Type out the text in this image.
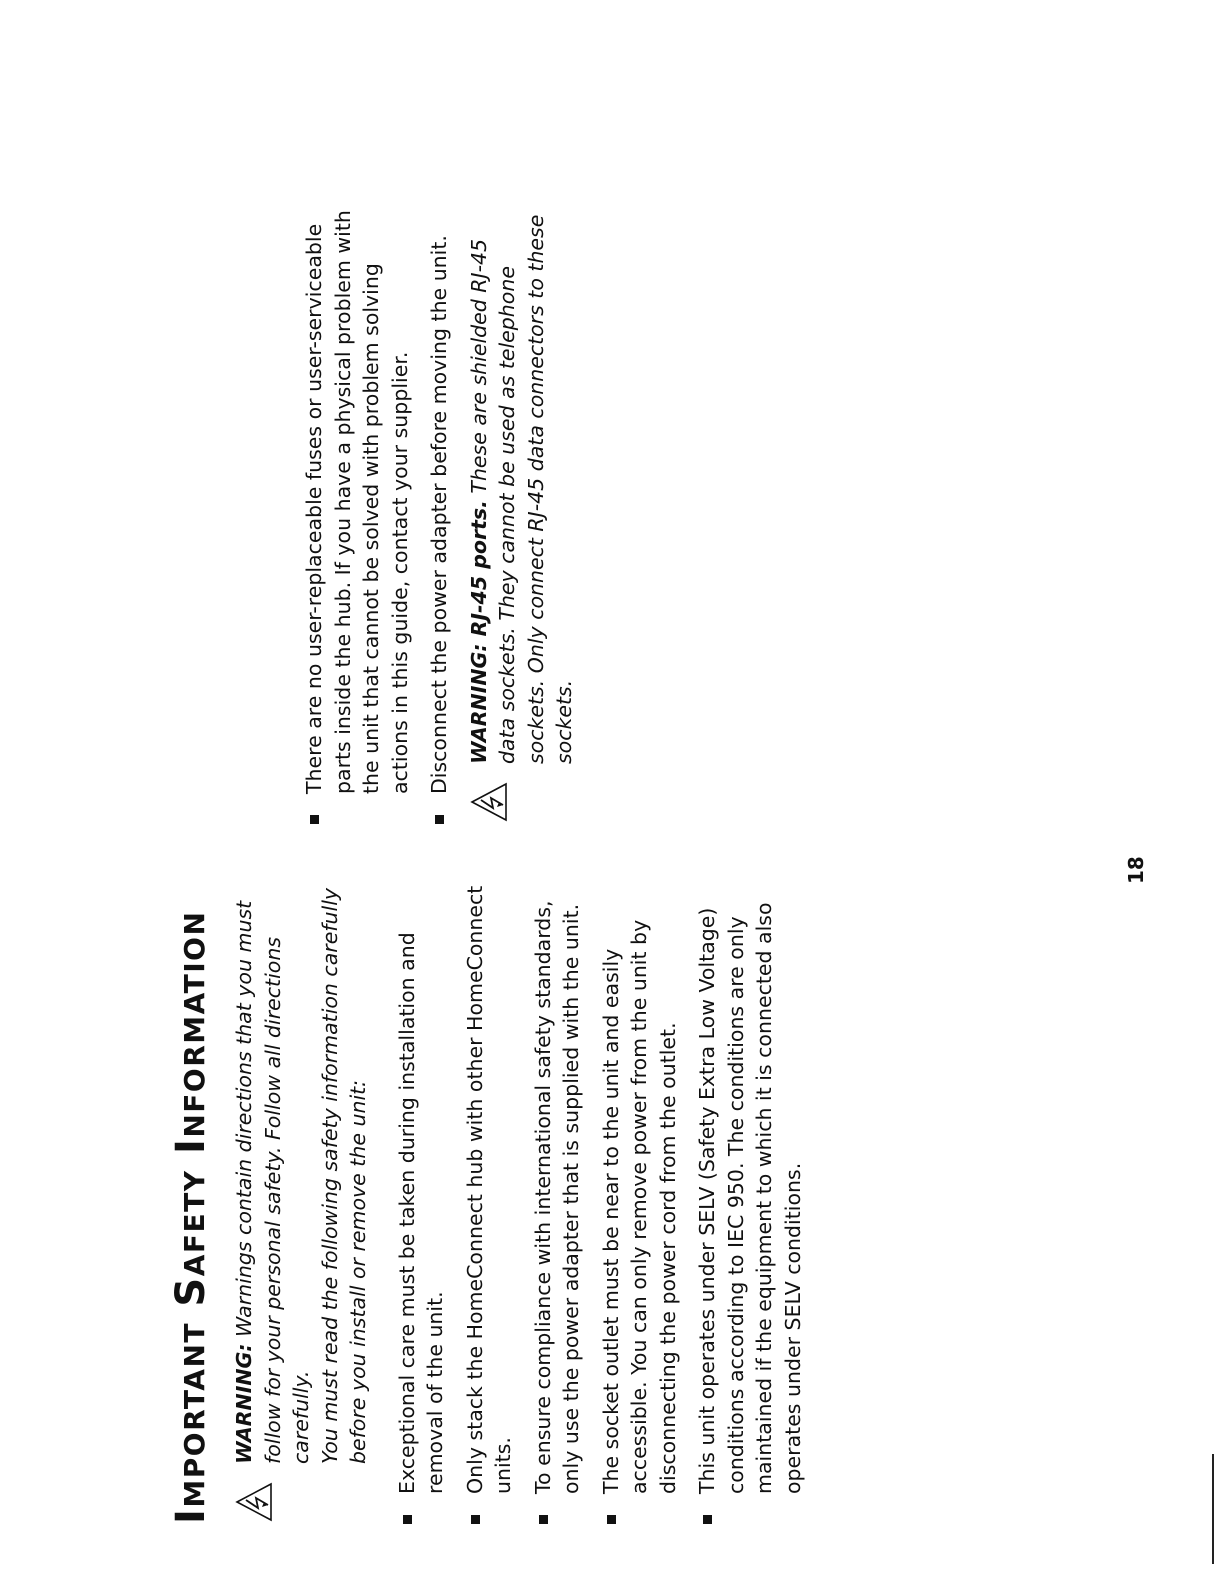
Important Safety Information WARNING: Warnings contain directions that you must follow for your personal safety. Follow all directions carefully. You must read the following safety information carefully before you install or remove the unit: Exceptional care must be taken during installation and removal of the unit. Only stack the HomeConnect hub with other HomeConnect units. To ensure compliance with international safety standards, only use the power adapter that is supplied with the unit. The socket outlet must be near to the unit and easily accessible. You can only remove power from the unit by disconnecting the power cord from the outlet. This unit operates under SELV (Safety Extra Low Voltage) conditions according to IEC 950. The conditions are only maintained if the equipment to which it is connected also operates under SELV conditions.
There are no user-replaceable fuses or user-serviceable parts inside the hub. If you have a physical problem with the unit that cannot be solved with problem solving actions in this guide, contact your supplier. Disconnect the power adapter before moving the unit. WARNING: RJ-45 ports. These are shielded RJ-45 data sockets. They cannot be used as telephone sockets. Only connect RJ-45 data connectors to these sockets.

18
